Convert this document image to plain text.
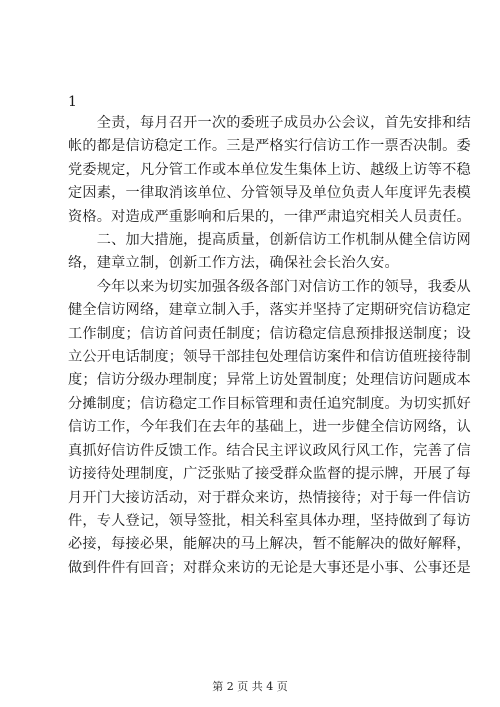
1
　　全责，每月召开一次的委班子成员办公会议，首先安排和结
帐的都是信访稳定工作。三是严格实行信访工作一票否决制。委
党委规定，凡分管工作或本单位发生集体上访、越级上访等不稳
定因素，一律取消该单位、分管领导及单位负责人年度评先表模
资格。对造成严重影响和后果的，一律严肃追究相关人员责任。
　　二、加大措施，提高质量，创新信访工作机制从健全信访网
络，建章立制，创新工作方法，确保社会长治久安。
　　今年以来为切实加强各级各部门对信访工作的领导，我委从
健全信访网络，建章立制入手，落实并坚持了定期研究信访稳定
工作制度；信访首问责任制度；信访稳定信息预排报送制度；设
立公开电话制度；领导干部挂包处理信访案件和信访值班接待制
度；信访分级办理制度；异常上访处置制度；处理信访问题成本
分摊制度；信访稳定工作目标管理和责任追究制度。为切实抓好
信访工作，今年我们在去年的基础上，进一步健全信访网络，认
真抓好信访件反馈工作。结合民主评议政风行风工作，完善了信
访接待处理制度，广泛张贴了接受群众监督的提示牌，开展了每
月开门大接访活动，对于群众来访，热情接待；对于每一件信访
件，专人登记，领导签批，相关科室具体办理，坚持做到了每访
必接，每接必果，能解决的马上解决，暂不能解决的做好解释，
做到件件有回音；对群众来访的无论是大事还是小事、公事还是
第 2 页 共 4 页
